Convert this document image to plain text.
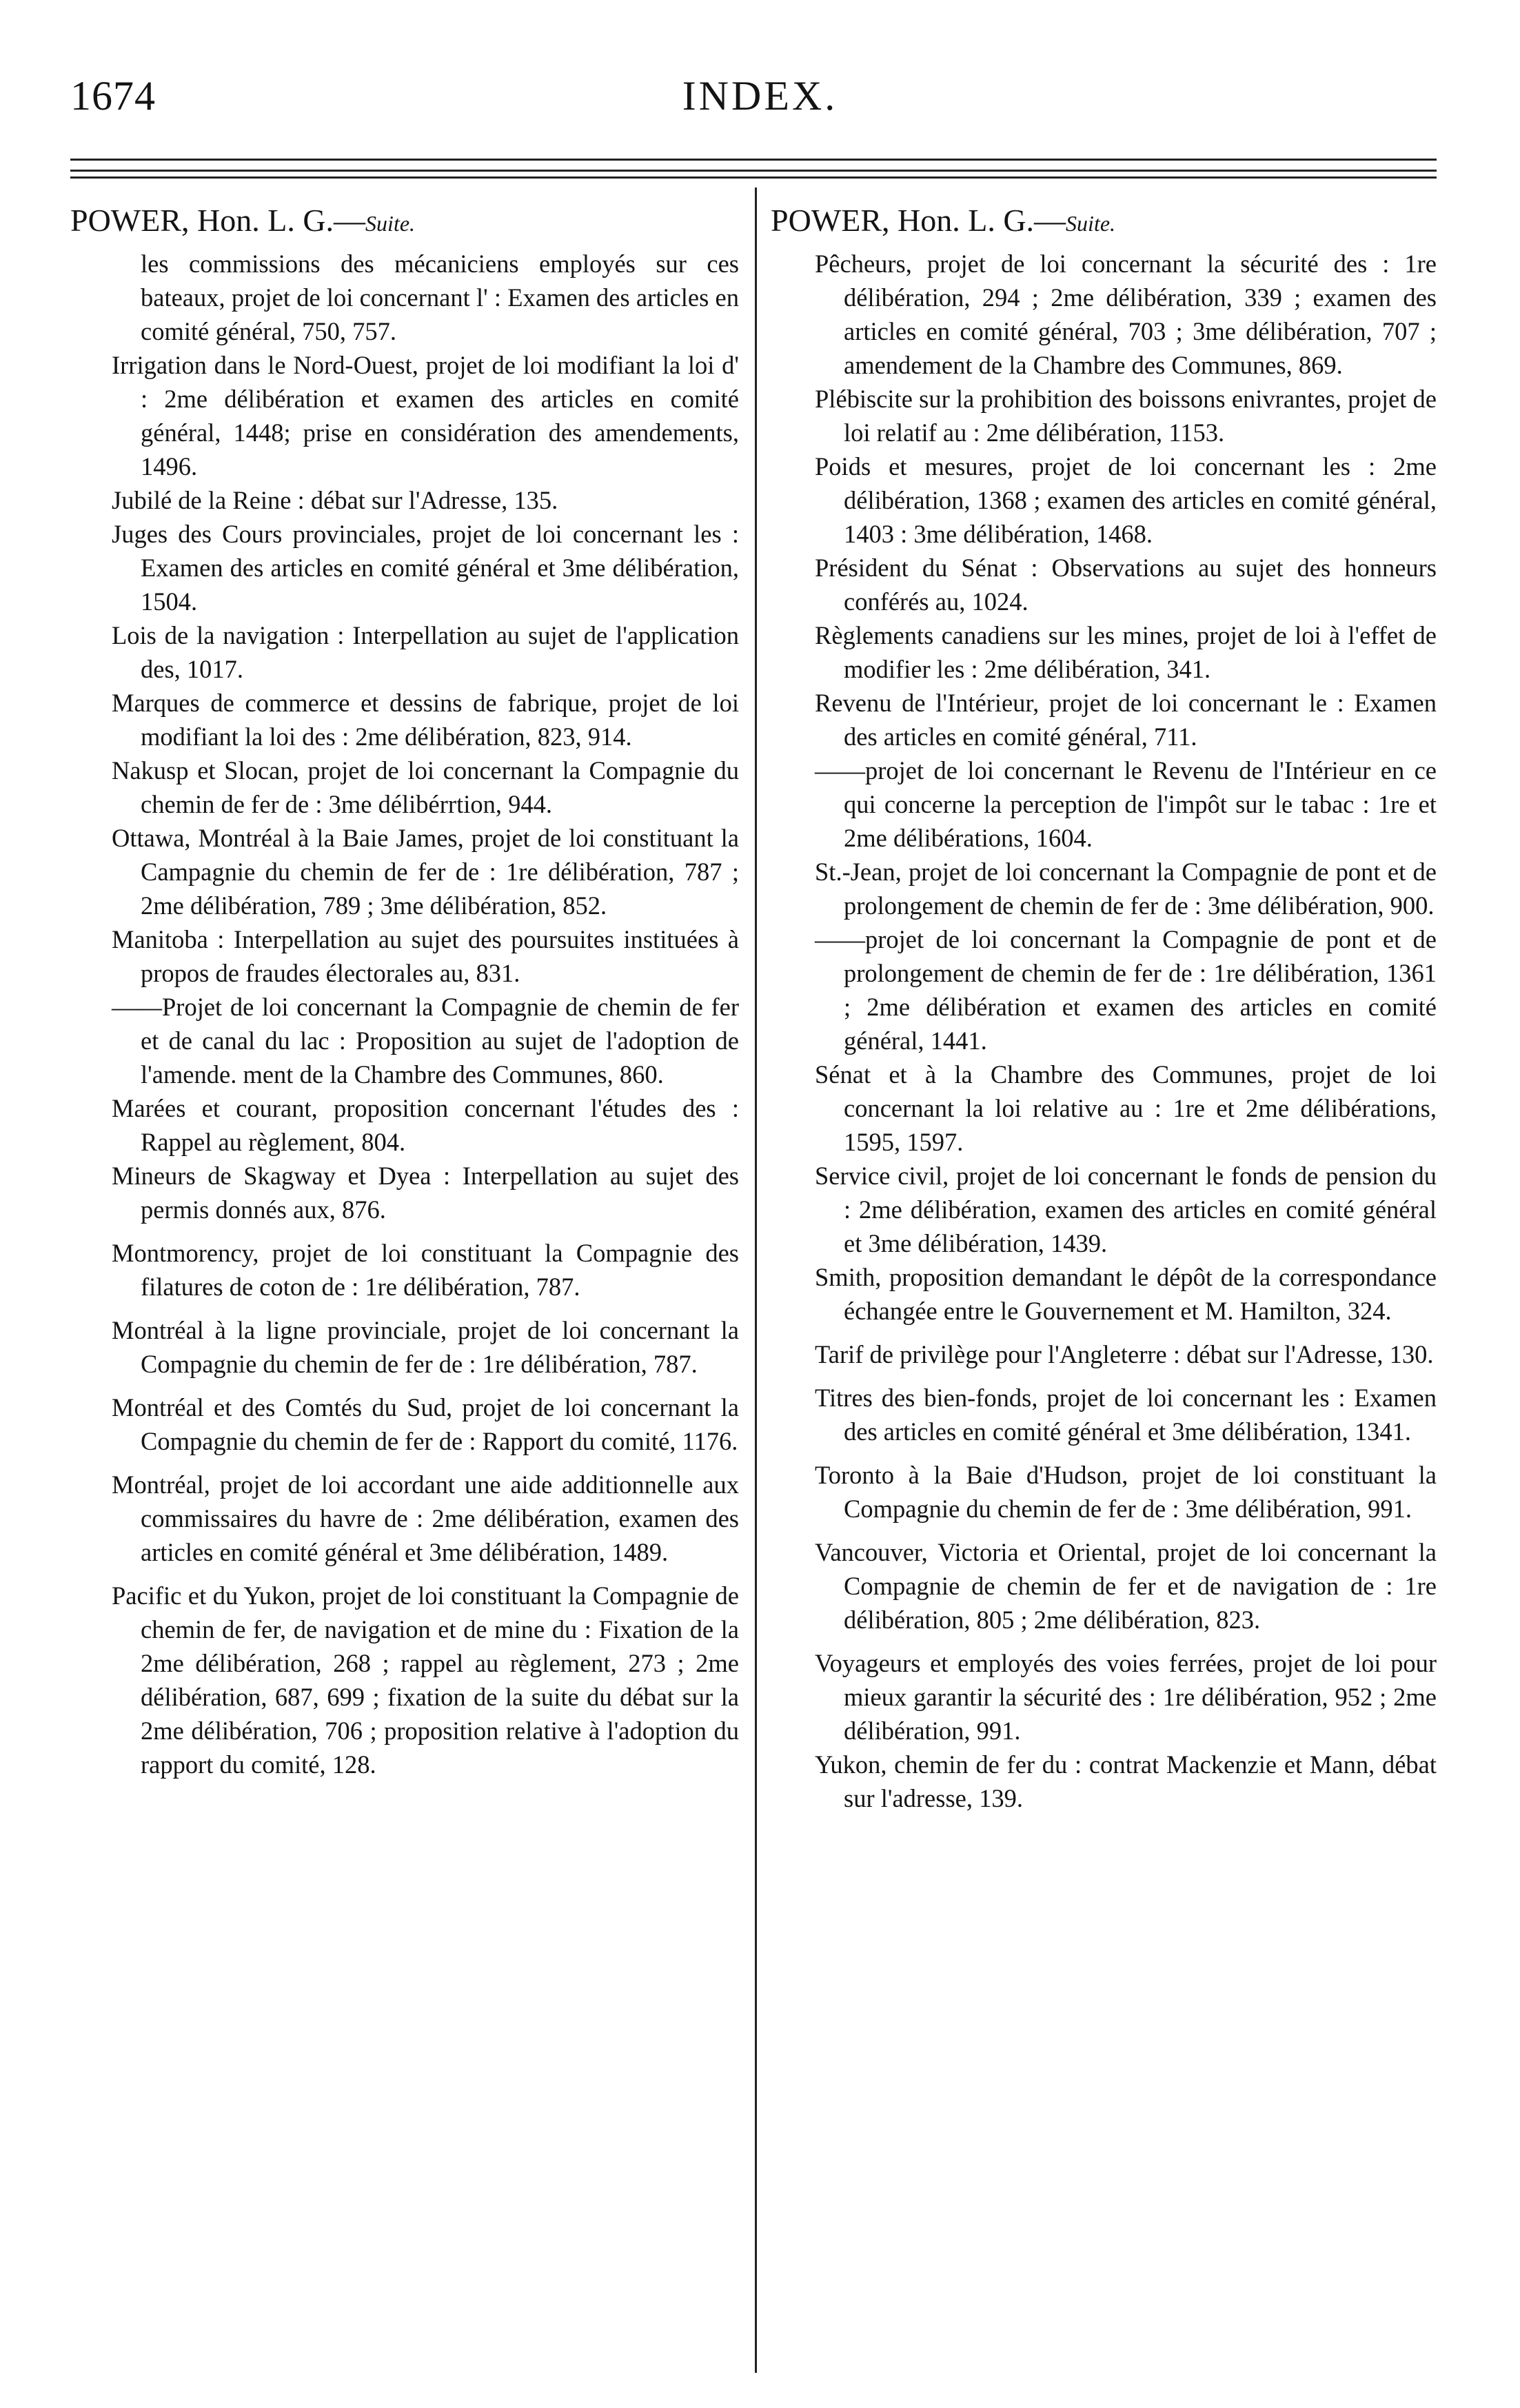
1674	INDEX.
POWER, Hon. L. G.—Suite.

les commissions des mécaniciens employés sur ces bateaux, projet de loi concernant l' : Examen des articles en comité général, 750, 757.

Irrigation dans le Nord-Ouest, projet de loi modifiant la loi d' : 2me délibération et examen des articles en comité général, 1448; prise en considération des amendements, 1496.

Jubilé de la Reine : débat sur l'Adresse, 135.

Juges des Cours provinciales, projet de loi concernant les : Examen des articles en comité général et 3me délibération, 1504.

Lois de la navigation : Interpellation au sujet de l'application des, 1017.

Marques de commerce et dessins de fabrique, projet de loi modifiant la loi des : 2me délibération, 823, 914.

Nakusp et Slocan, projet de loi concernant la Compagnie du chemin de fer de : 3me délibérrtion, 944.

Ottawa, Montréal à la Baie James, projet de loi constituant la Campagnie du chemin de fer de : 1re délibération, 787 ; 2me délibération, 789 ; 3me délibération, 852.

Manitoba : Interpellation au sujet des poursuites instituées à propos de fraudes électorales au, 831.

——Projet de loi concernant la Compagnie de chemin de fer et de canal du lac : Proposition au sujet de l'adoption de l'amende. ment de la Chambre des Communes, 860.

Marées et courant, proposition concernant l'études des : Rappel au règlement, 804.

Mineurs de Skagway et Dyea : Interpellation au sujet des permis donnés aux, 876.

Montmorency, projet de loi constituant la Compagnie des filatures de coton de : 1re délibération, 787.

Montréal à la ligne provinciale, projet de loi concernant la Compagnie du chemin de fer de : 1re délibération, 787.

Montréal et des Comtés du Sud, projet de loi concernant la Compagnie du chemin de fer de : Rapport du comité, 1176.

Montréal, projet de loi accordant une aide additionnelle aux commissaires du havre de : 2me délibération, examen des articles en comité général et 3me délibération, 1489.

Pacific et du Yukon, projet de loi constituant la Compagnie de chemin de fer, de navigation et de mine du : Fixation de la 2me délibération, 268 ; rappel au règlement, 273 ; 2me délibération, 687, 699 ; fixation de la suite du débat sur la 2me délibération, 706 ; proposition relative à l'adoption du rapport du comité, 128.

POWER, Hon. L. G.—Suite.

Pêcheurs, projet de loi concernant la sécurité des : 1re délibération, 294 ; 2me délibération, 339 ; examen des articles en comité général, 703 ; 3me délibération, 707 ; amendement de la Chambre des Communes, 869.

Plébiscite sur la prohibition des boissons enivrantes, projet de loi relatif au : 2me délibération, 1153.

Poids et mesures, projet de loi concernant les : 2me délibération, 1368 ; examen des articles en comité général, 1403 : 3me délibération, 1468.

Président du Sénat : Observations au sujet des honneurs conférés au, 1024.

Règlements canadiens sur les mines, projet de loi à l'effet de modifier les : 2me délibération, 341.

Revenu de l'Intérieur, projet de loi concernant le : Examen des articles en comité général, 711.

——projet de loi concernant le Revenu de l'Intérieur en ce qui concerne la perception de l'impôt sur le tabac : 1re et 2me délibérations, 1604.

St.-Jean, projet de loi concernant la Compagnie de pont et de prolongement de chemin de fer de : 3me délibération, 900.

——projet de loi concernant la Compagnie de pont et de prolongement de chemin de fer de : 1re délibération, 1361 ; 2me délibération et examen des articles en comité général, 1441.

Sénat et à la Chambre des Communes, projet de loi concernant la loi relative au : 1re et 2me délibérations, 1595, 1597.

Service civil, projet de loi concernant le fonds de pension du : 2me délibération, examen des articles en comité général et 3me délibération, 1439.

Smith, proposition demandant le dépôt de la correspondance échangée entre le Gouvernement et M. Hamilton, 324.

Tarif de privilège pour l'Angleterre : débat sur l'Adresse, 130.

Titres des bien-fonds, projet de loi concernant les : Examen des articles en comité général et 3me délibération, 1341.

Toronto à la Baie d'Hudson, projet de loi constituant la Compagnie du chemin de fer de : 3me délibération, 991.

Vancouver, Victoria et Oriental, projet de loi concernant la Compagnie de chemin de fer et de navigation de : 1re délibération, 805 ; 2me délibération, 823.

Voyageurs et employés des voies ferrées, projet de loi pour mieux garantir la sécurité des : 1re délibération, 952 ; 2me délibération, 991.

Yukon, chemin de fer du : contrat Mackenzie et Mann, débat sur l'adresse, 139.
